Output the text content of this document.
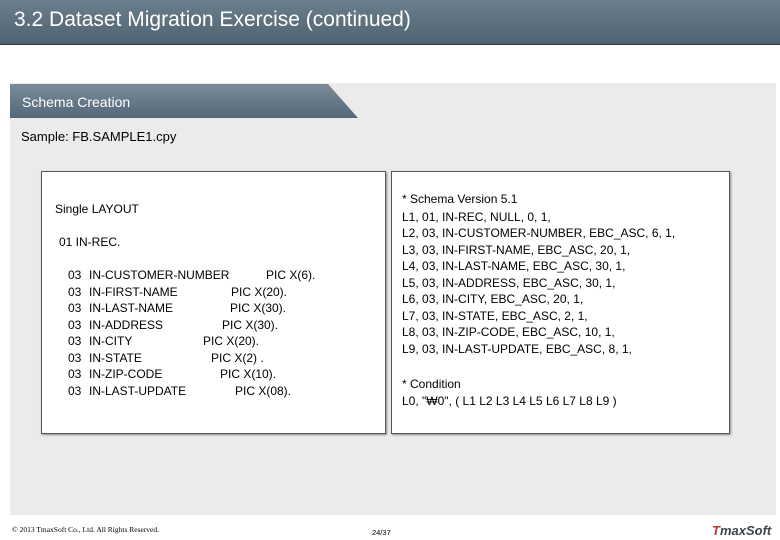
3.2 Dataset Migration Exercise (continued)
Schema Creation
Sample: FB.SAMPLE1.cpy
Single LAYOUT
01 IN-REC.
03 IN-CUSTOMER-NUMBER	PIC X(6).
03 IN-FIRST-NAME	PIC X(20).
03 IN-LAST-NAME	PIC X(30).
03 IN-ADDRESS	PIC X(30).
03 IN-CITY	PIC X(20).
03 IN-STATE	PIC X(2) .
03 IN-ZIP-CODE	PIC X(10).
03 IN-LAST-UPDATE	PIC X(08).
* Schema Version 5.1
L1, 01, IN-REC, NULL, 0, 1,
L2, 03, IN-CUSTOMER-NUMBER, EBC_ASC, 6, 1,
L3, 03, IN-FIRST-NAME, EBC_ASC, 20, 1,
L4, 03, IN-LAST-NAME, EBC_ASC, 30, 1,
L5, 03, IN-ADDRESS, EBC_ASC, 30, 1,
L6, 03, IN-CITY, EBC_ASC, 20, 1,
L7, 03, IN-STATE, EBC_ASC, 2, 1,
L8, 03, IN-ZIP-CODE, EBC_ASC, 10, 1,
L9, 03, IN-LAST-UPDATE, EBC_ASC, 8, 1,
* Condition
L0, "₩0", ( L1 L2 L3 L4 L5 L6 L7 L8 L9 )
© 2013 TmaxSoft Co., Ltd. All Rights Reserved.	24/37	TmaxSoft
